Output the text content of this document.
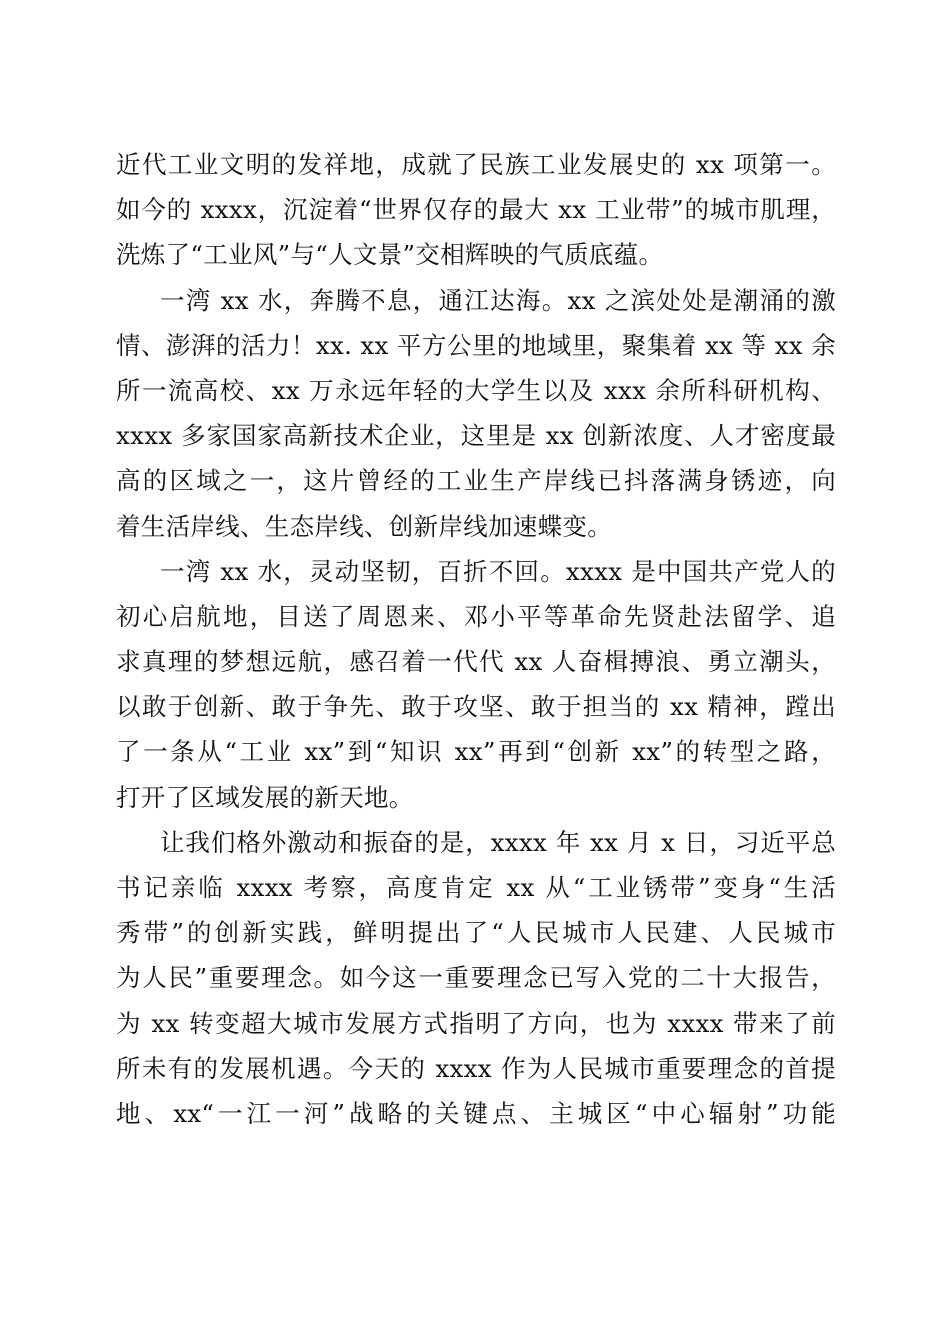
近代工业文明的发祥地，成就了民族工业发展史的 xx 项第一。
如今的 xxxx，沉淀着“世界仅存的最大 xx 工业带”的城市肌理，
洗炼了“工业风”与“人文景”交相辉映的气质底蕴。
一湾 xx 水，奔腾不息，通江达海。xx 之滨处处是潮涌的激
情、澎湃的活力！xx. xx 平方公里的地域里，聚集着 xx 等 xx 余
所一流高校、xx 万永远年轻的大学生以及 xxx 余所科研机构、
xxxx 多家国家高新技术企业，这里是 xx 创新浓度、人才密度最
高的区域之一，这片曾经的工业生产岸线已抖落满身锈迹，向
着生活岸线、生态岸线、创新岸线加速蝶变。
一湾 xx 水，灵动坚韧，百折不回。xxxx 是中国共产党人的
初心启航地，目送了周恩来、邓小平等革命先贤赴法留学、追
求真理的梦想远航，感召着一代代 xx 人奋楫搏浪、勇立潮头，
以敢于创新、敢于争先、敢于攻坚、敢于担当的 xx 精神，蹚出
了一条从“工业 xx”到“知识 xx”再到“创新 xx”的转型之路，
打开了区域发展的新天地。
让我们格外激动和振奋的是，xxxx 年 xx 月 x 日，习近平总
书记亲临 xxxx 考察，高度肯定 xx 从“工业锈带”变身“生活
秀带”的创新实践，鲜明提出了“人民城市人民建、人民城市
为人民”重要理念。如今这一重要理念已写入党的二十大报告，
为 xx 转变超大城市发展方式指明了方向，也为 xxxx 带来了前
所未有的发展机遇。今天的 xxxx 作为人民城市重要理念的首提
地、xx“一江一河”战略的关键点、主城区“中心辐射”功能
